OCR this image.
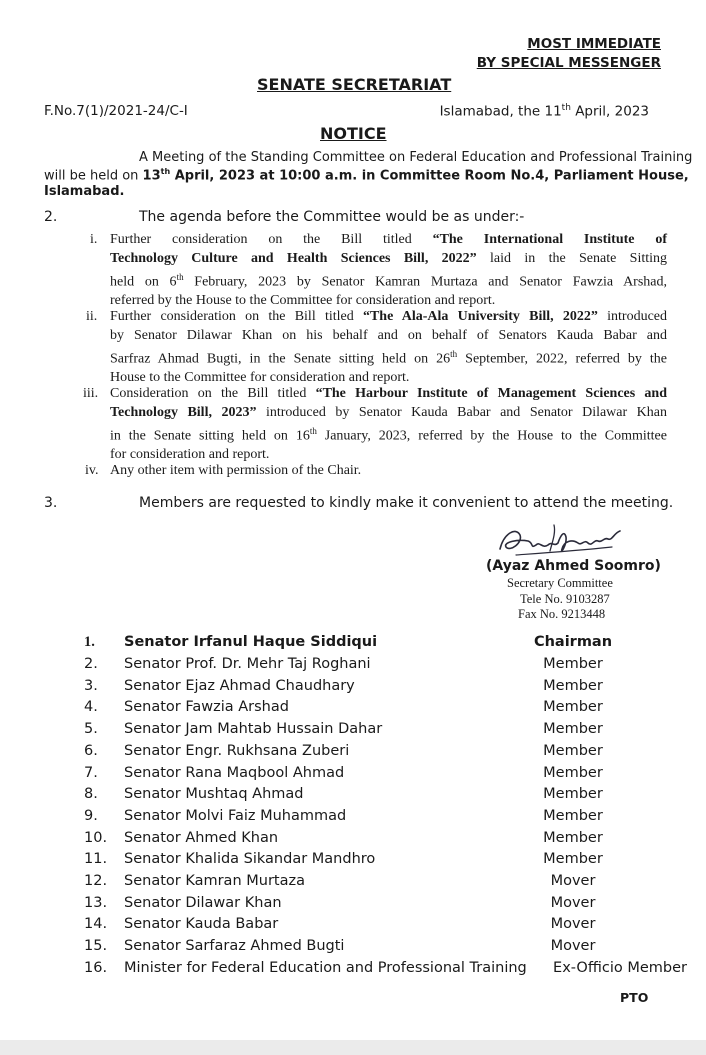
MOST IMMEDIATE
BY SPECIAL MESSENGER
SENATE SECRETARIAT
F.No.7(1)/2021-24/C-I	Islamabad, the 11th April, 2023
NOTICE
A Meeting of the Standing Committee on Federal Education and Professional Training
will be held on 13th April, 2023 at 10:00 a.m. in Committee Room No.4, Parliament House,
Islamabad.
2.	The agenda before the Committee would be as under:-
i. Further consideration on the Bill titled “The International Institute of
Technology Culture and Health Sciences Bill, 2022” laid in the Senate Sitting
held on 6th February, 2023 by Senator Kamran Murtaza and Senator Fawzia Arshad,
referred by the House to the Committee for consideration and report.
ii. Further consideration on the Bill titled “The Ala-Ala University Bill, 2022” introduced
by Senator Dilawar Khan on his behalf and on behalf of Senators Kauda Babar and
Sarfraz Ahmad Bugti, in the Senate sitting held on 26th September, 2022, referred by the
House to the Committee for consideration and report.
iii. Consideration on the Bill titled “The Harbour Institute of Management Sciences and
Technology Bill, 2023” introduced by Senator Kauda Babar and Senator Dilawar Khan
in the Senate sitting held on 16th January, 2023, referred by the House to the Committee
for consideration and report.
iv. Any other item with permission of the Chair.
3.	Members are requested to kindly make it convenient to attend the meeting.
(Ayaz Ahmed Soomro)
Secretary Committee
Tele No. 9103287
Fax No. 9213448
1. Senator Irfanul Haque Siddiqui	Chairman
2. Senator Prof. Dr. Mehr Taj Roghani	Member
3. Senator Ejaz Ahmad Chaudhary	Member
4. Senator Fawzia Arshad	Member
5. Senator Jam Mahtab Hussain Dahar	Member
6. Senator Engr. Rukhsana Zuberi	Member
7. Senator Rana Maqbool Ahmad	Member
8. Senator Mushtaq Ahmad	Member
9. Senator Molvi Faiz Muhammad	Member
10. Senator Ahmed Khan	Member
11. Senator Khalida Sikandar Mandhro	Member
12. Senator Kamran Murtaza	Mover
13. Senator Dilawar Khan	Mover
14. Senator Kauda Babar	Mover
15. Senator Sarfaraz Ahmed Bugti	Mover
16. Minister for Federal Education and Professional Training Ex-Officio Member
PTO
